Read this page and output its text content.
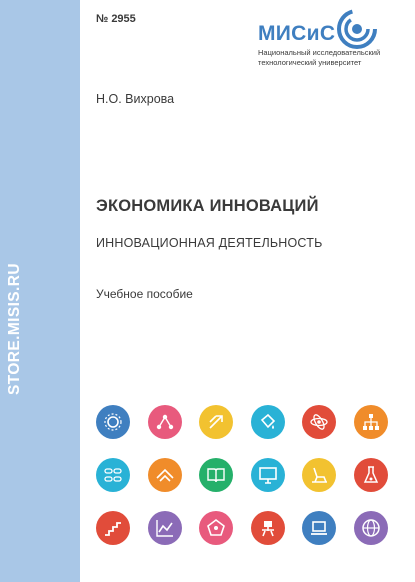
STORE.MISIS.RU
№ 2955
МИСиС
Национальный исследовательский
технологический университет
Н.О. Вихрова
ЭКОНОМИКА ИННОВАЦИЙ
ИННОВАЦИОННАЯ ДЕЯТЕЛЬНОСТЬ
Учебное пособие
